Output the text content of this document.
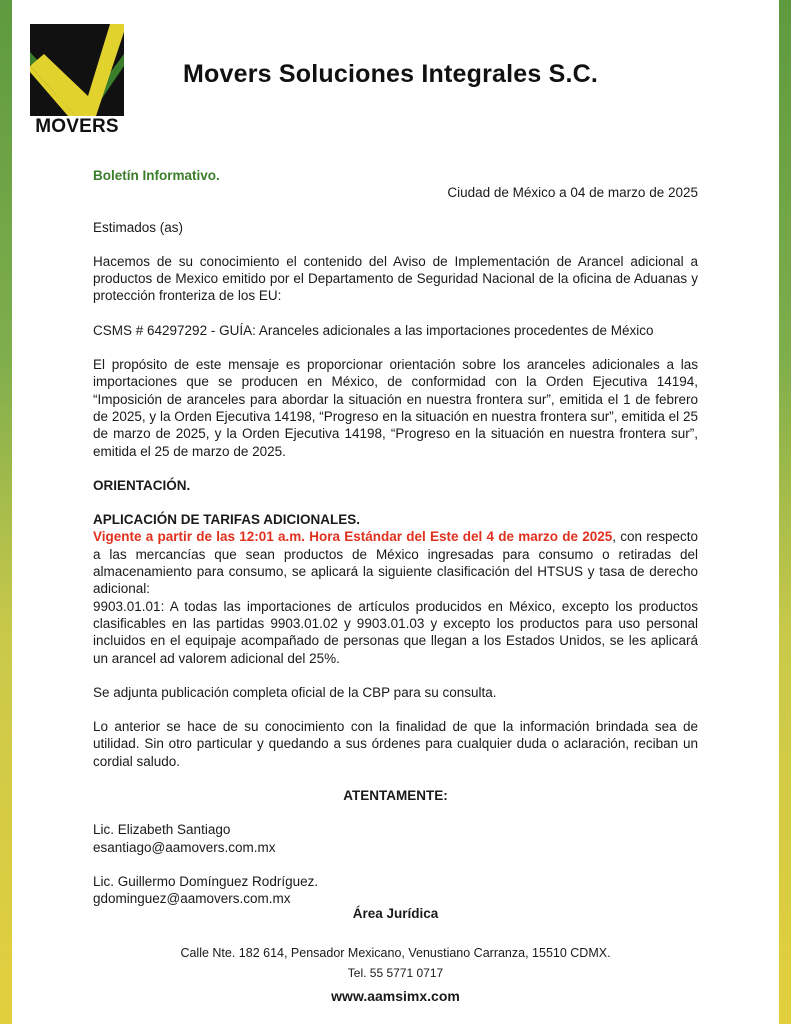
MOVERS
Movers Soluciones Integrales S.C.

Boletín Informativo.

Ciudad de México a 04 de marzo de 2025

Estimados (as)

Hacemos de su conocimiento el contenido del Aviso de Implementación de Arancel adicional a productos de Mexico emitido por el Departamento de Seguridad Nacional de la oficina de Aduanas y protección fronteriza de los EU:

CSMS # 64297292 - GUÍA: Aranceles adicionales a las importaciones procedentes de México

El propósito de este mensaje es proporcionar orientación sobre los aranceles adicionales a las importaciones que se producen en México, de conformidad con la Orden Ejecutiva 14194, “Imposición de aranceles para abordar la situación en nuestra frontera sur”, emitida el 1 de febrero de 2025, y la Orden Ejecutiva 14198, “Progreso en la situación en nuestra frontera sur”, emitida el 25 de marzo de 2025, y la Orden Ejecutiva 14198, “Progreso en la situación en nuestra frontera sur”, emitida el 25 de marzo de 2025.

ORIENTACIÓN.

APLICACIÓN DE TARIFAS ADICIONALES.

Vigente a partir de las 12:01 a.m. Hora Estándar del Este del 4 de marzo de 2025, con respecto a las mercancías que sean productos de México ingresadas para consumo o retiradas del almacenamiento para consumo, se aplicará la siguiente clasificación del HTSUS y tasa de derecho adicional:

9903.01.01: A todas las importaciones de artículos producidos en México, excepto los productos clasificables en las partidas 9903.01.02 y 9903.01.03 y excepto los productos para uso personal incluidos en el equipaje acompañado de personas que llegan a los Estados Unidos, se les aplicará un arancel ad valorem adicional del 25%.

Se adjunta publicación completa oficial de la CBP para su consulta.

Lo anterior se hace de su conocimiento con la finalidad de que la información brindada sea de utilidad. Sin otro particular y quedando a sus órdenes para cualquier duda o aclaración, reciban un cordial saludo.

ATENTAMENTE:

Lic. Elizabeth Santiago

esantiago@aamovers.com.mx

Lic. Guillermo Domínguez Rodríguez.

gdominguez@aamovers.com.mx

Área Jurídica
Calle Nte. 182 614, Pensador Mexicano, Venustiano Carranza, 15510 CDMX.
Tel. 55 5771 0717
www.aamsimx.com
